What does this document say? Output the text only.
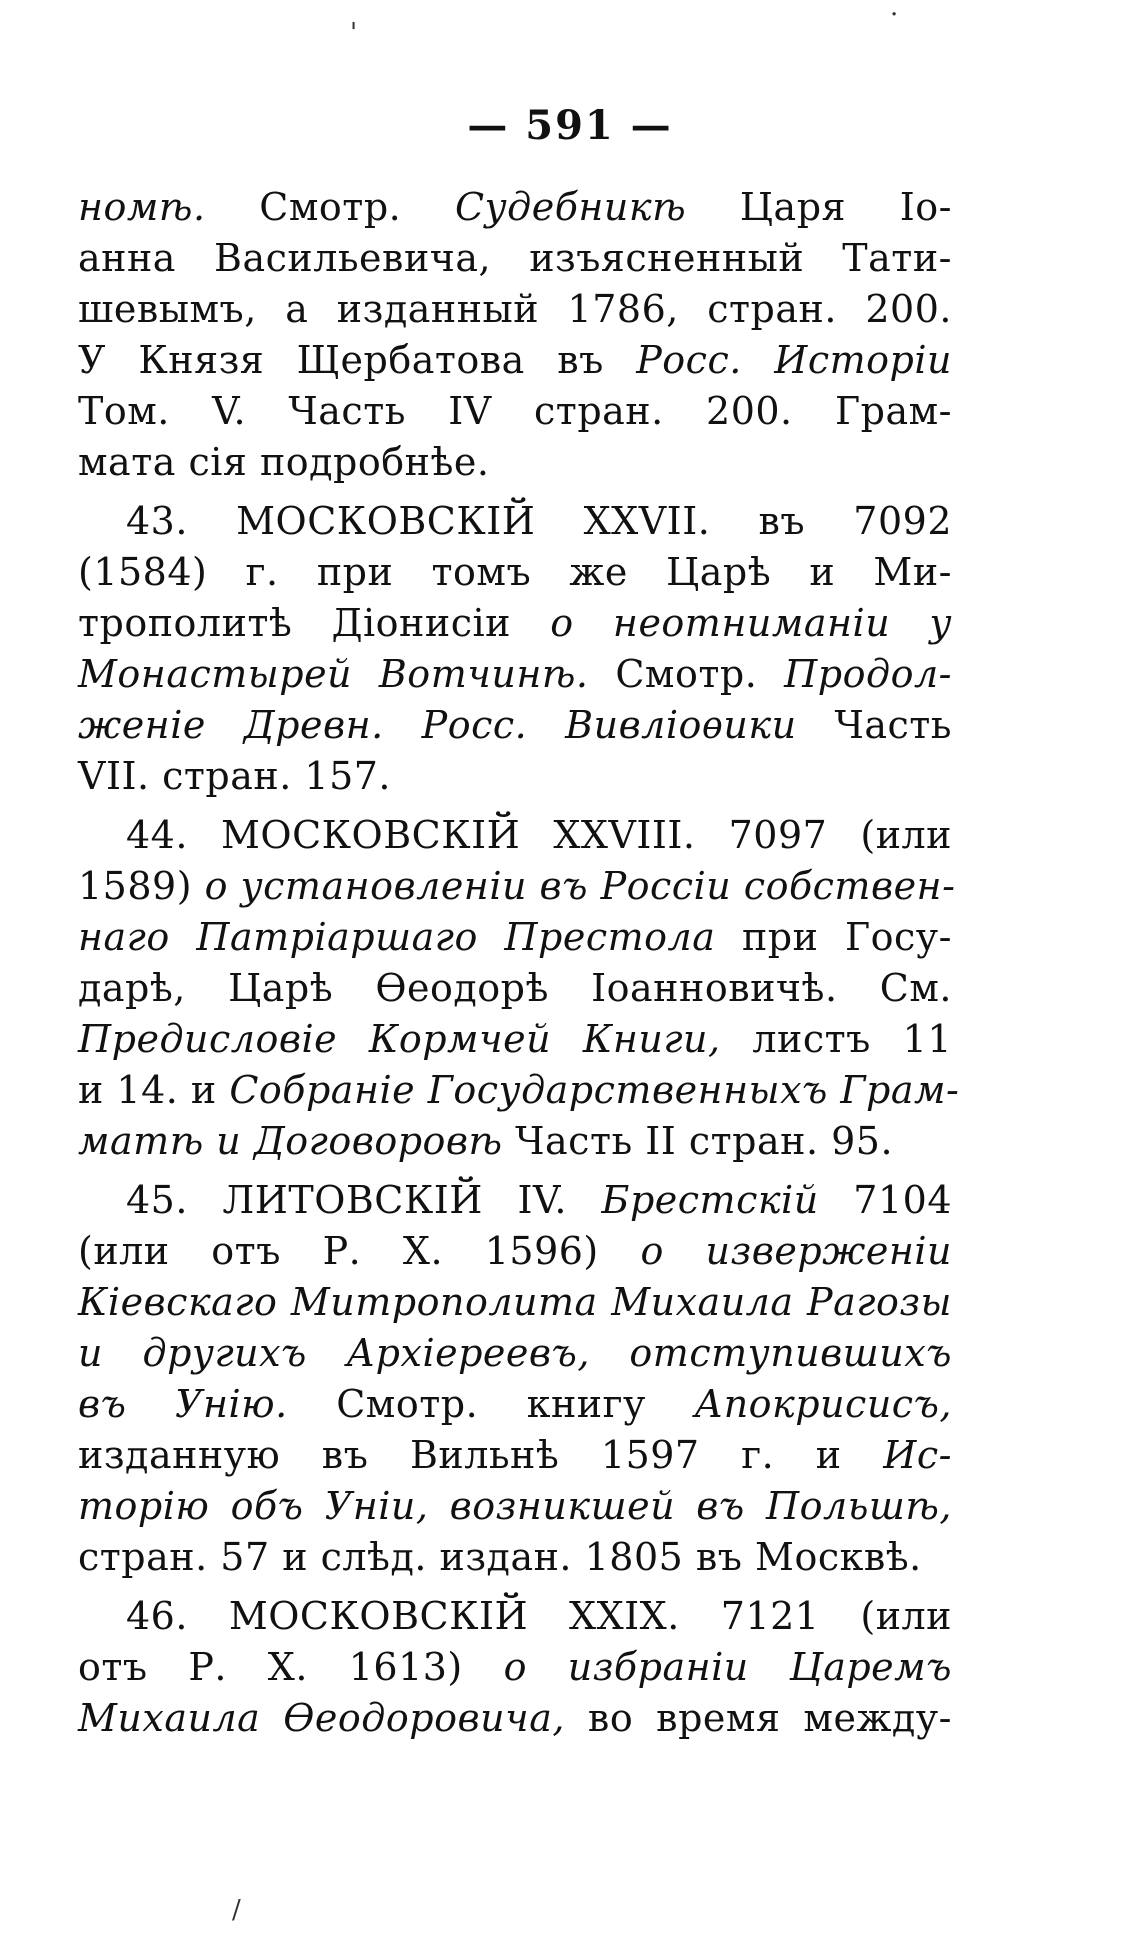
— 591 —
номѣ. Смотр. Судебникѣ Царя Іо-
анна Васильевича, изъясненный Тати-
шевымъ, а изданный 1786, стран. 200.
У Князя Щербатова въ Росс. Исторіи
Том. V. Часть IV стран. 200. Грам-
мата сія подробнѣе.
43. МОСКОВСКІЙ XXVII. въ 7092
(1584) г. при томъ же Царѣ и Ми-
трополитѣ Діонисіи о неотниманіи у
Монастырей Вотчинѣ. Смотр. Продол-
женіе Древн. Росс. Вивліоѳики Часть
VII. стран. 157.
44. МОСКОВСКІЙ XXVIII. 7097 (или
1589) о установленіи въ Россіи собствен-
наго Патріаршаго Престола при Госу-
дарѣ, Царѣ Ѳеодорѣ Іоанновичѣ. См.
Предисловіе Кормчей Книги, листъ 11
и 14. и Собраніе Государственныхъ Грам-
матѣ и Договоровѣ Часть II стран. 95.
45. ЛИТОВСКІЙ IV. Брестскій 7104
(или отъ Р. Х. 1596) о изверженіи
Кіевскаго Митрополита Михаила Рагозы
и другихъ Архіереевъ, отступившихъ
въ Унію. Смотр. книгу Апокрисисъ,
изданную въ Вильнѣ 1597 г. и Ис-
торію объ Уніи, возникшей въ Польшѣ,
стран. 57 и слѣд. издан. 1805 въ Москвѣ.
46. МОСКОВСКІЙ XXIX. 7121 (или
отъ Р. Х. 1613) о избраніи Царемъ
Михаила Ѳеодоровича, во время между-
'
·
/
